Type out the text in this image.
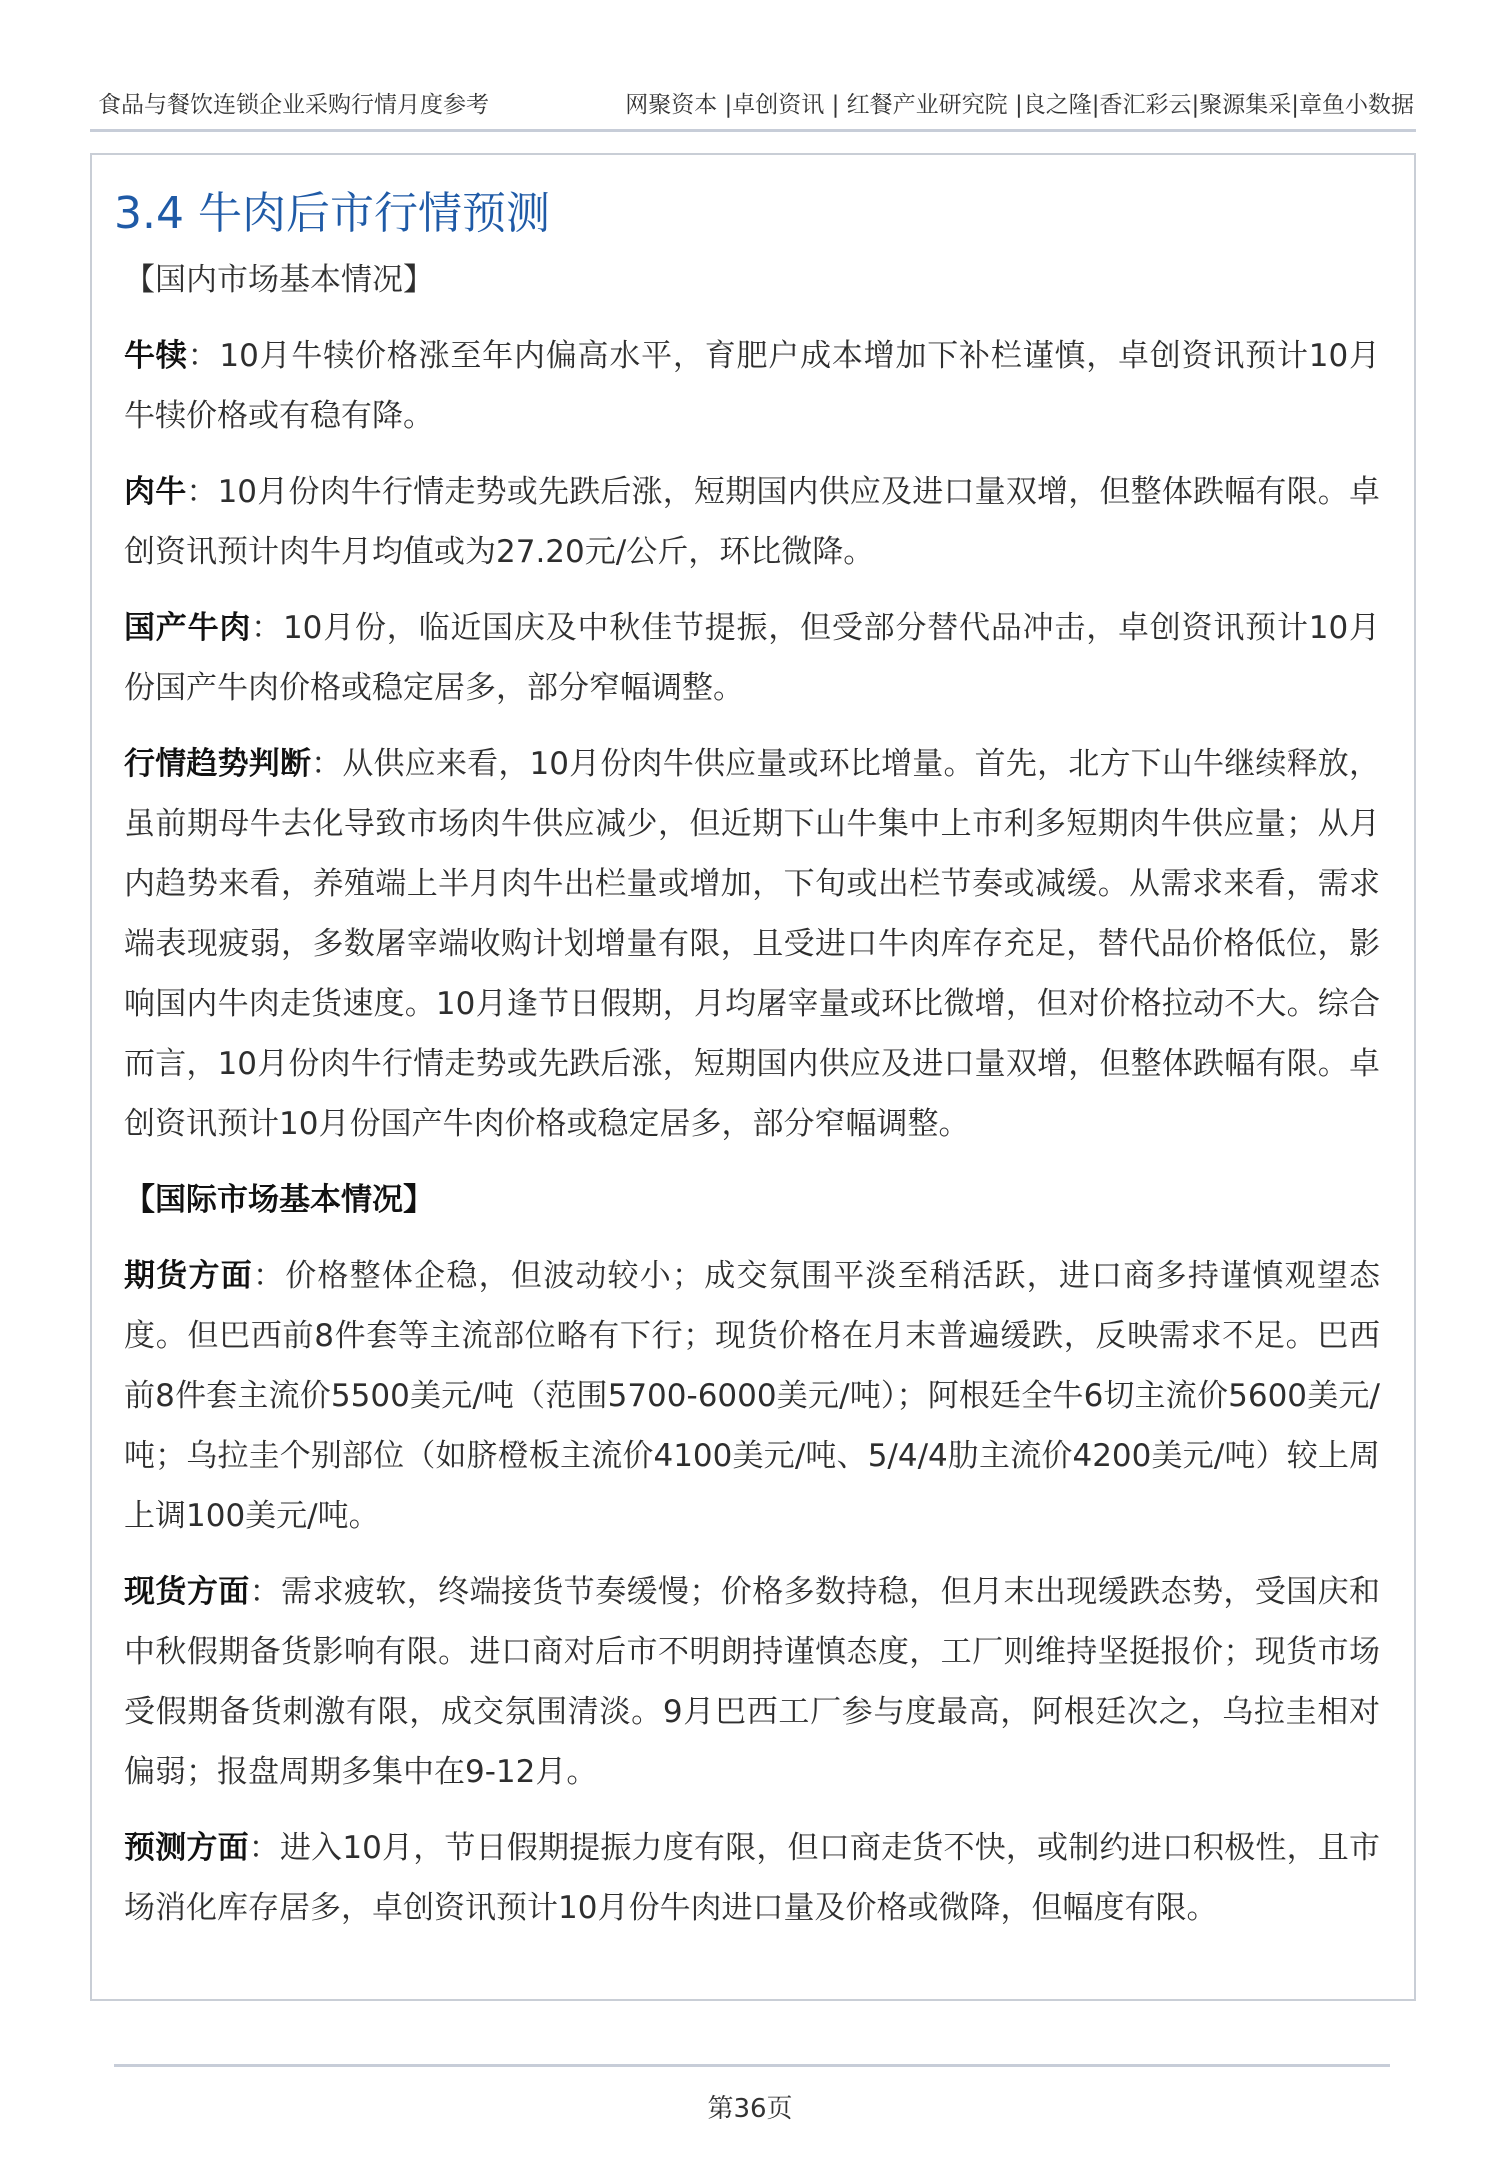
食品与餐饮连锁企业采购行情月度参考	网聚资本 |卓创资讯 | 红餐产业研究院 |良之隆|香汇彩云|聚源集采|章鱼小数据
3.4 牛肉后市行情预测

【国内市场基本情况】

牛犊：10月牛犊价格涨至年内偏高水平，育肥户成本增加下补栏谨慎，卓创资讯预计10月牛犊价格或有稳有降。

肉牛：10月份肉牛行情走势或先跌后涨，短期国内供应及进口量双增，但整体跌幅有限。卓创资讯预计肉牛月均值或为27.20元/公斤，环比微降。

国产牛肉：10月份，临近国庆及中秋佳节提振，但受部分替代品冲击，卓创资讯预计10月份国产牛肉价格或稳定居多，部分窄幅调整。

行情趋势判断：从供应来看，10月份肉牛供应量或环比增量。首先，北方下山牛继续释放，虽前期母牛去化导致市场肉牛供应减少，但近期下山牛集中上市利多短期肉牛供应量；从月内趋势来看，养殖端上半月肉牛出栏量或增加，下旬或出栏节奏或减缓。从需求来看，需求端表现疲弱，多数屠宰端收购计划增量有限，且受进口牛肉库存充足，替代品价格低位，影响国内牛肉走货速度。10月逢节日假期，月均屠宰量或环比微增，但对价格拉动不大。综合而言，10月份肉牛行情走势或先跌后涨，短期国内供应及进口量双增，但整体跌幅有限。卓创资讯预计10月份国产牛肉价格或稳定居多，部分窄幅调整。

【国际市场基本情况】

期货方面：价格整体企稳，但波动较小；成交氛围平淡至稍活跃，进口商多持谨慎观望态度。但巴西前8件套等主流部位略有下行；现货价格在月末普遍缓跌，反映需求不足。巴西前8件套主流价5500美元/吨（范围5700-6000美元/吨）；阿根廷全牛6切主流价5600美元/吨；乌拉圭个别部位（如脐橙板主流价4100美元/吨、5/4/4肋主流价4200美元/吨）较上周上调100美元/吨。

现货方面：需求疲软，终端接货节奏缓慢；价格多数持稳，但月末出现缓跌态势，受国庆和中秋假期备货影响有限。进口商对后市不明朗持谨慎态度，工厂则维持坚挺报价；现货市场受假期备货刺激有限，成交氛围清淡。9月巴西工厂参与度最高，阿根廷次之，乌拉圭相对偏弱；报盘周期多集中在9-12月。

预测方面：进入10月，节日假期提振力度有限，但口商走货不快，或制约进口积极性，且市场消化库存居多，卓创资讯预计10月份牛肉进口量及价格或微降，但幅度有限。

第36页
